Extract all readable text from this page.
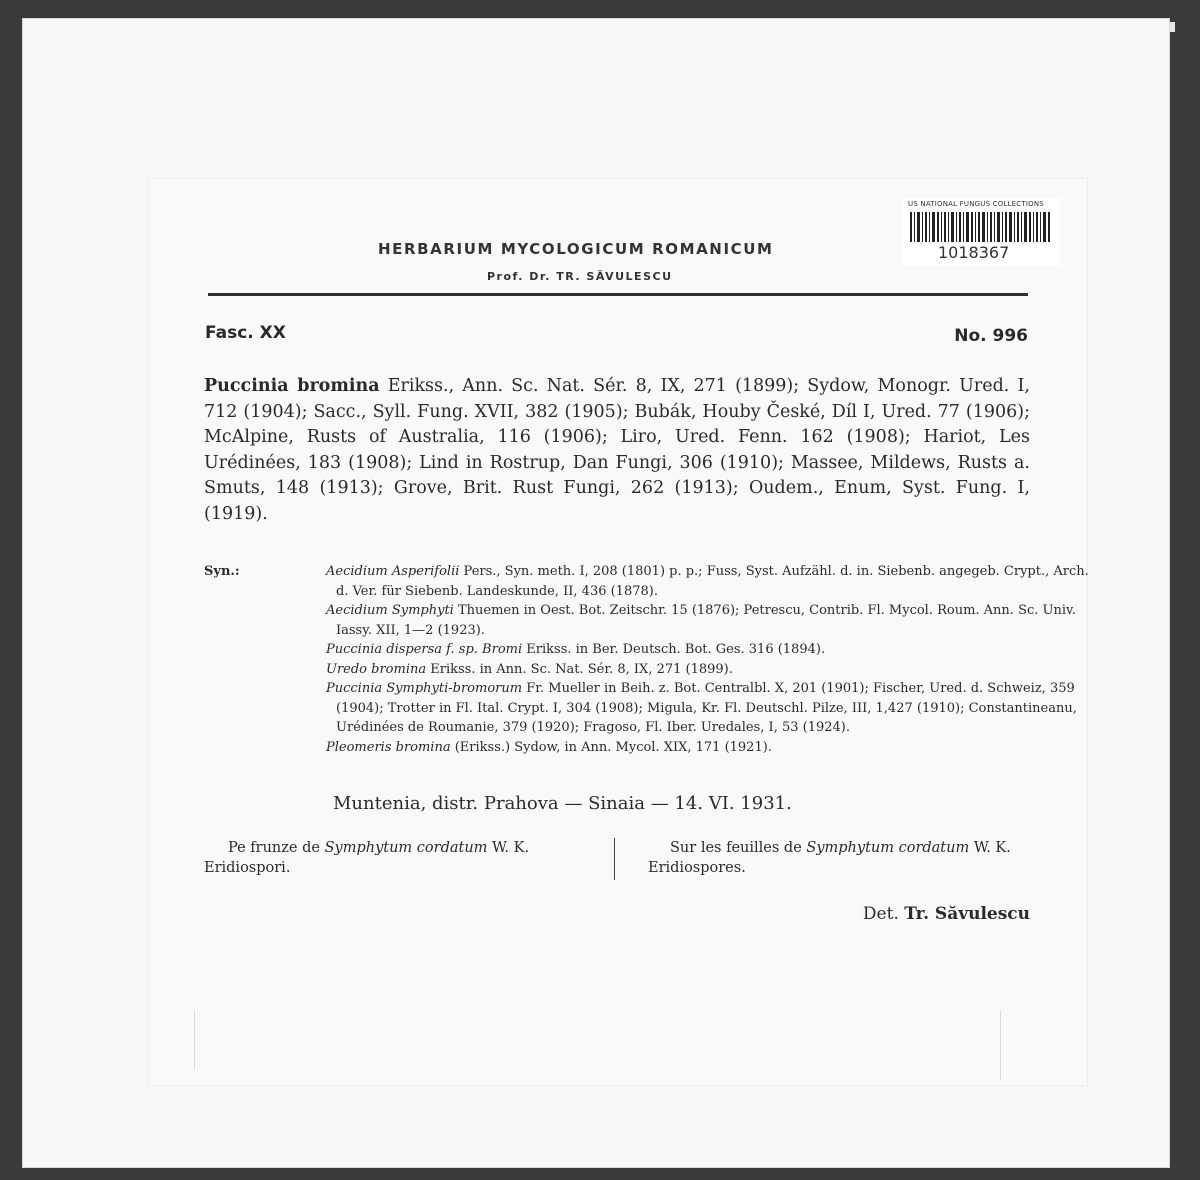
US NATIONAL FUNGUS COLLECTIONS
1018367
HERBARIUM MYCOLOGICUM ROMANICUM
Prof. Dr. TR. SĂVULESCU
Fasc. XX	No. 996
Puccinia bromina Erikss., Ann. Sc. Nat. Sér. 8, IX, 271 (1899); Sydow, Monogr. Ured. I, 712 (1904); Sacc., Syll. Fung. XVII, 382 (1905); Bubák, Houby České, Díl I, Ured. 77 (1906); McAlpine, Rusts of Australia, 116 (1906); Liro, Ured. Fenn. 162 (1908); Hariot, Les Urédinées, 183 (1908); Lind in Rostrup, Dan Fungi, 306 (1910); Massee, Mildews, Rusts a. Smuts, 148 (1913); Grove, Brit. Rust Fungi, 262 (1913); Oudem., Enum, Syst. Fung. I, (1919).
Syn.:	Aecidium Asperifolii Pers., Syn. meth. I, 208 (1801) p. p.; Fuss, Syst. Aufzähl. d. in. Siebenb. angegeb. Crypt., Arch. d. Ver. für Siebenb. Landeskunde, II, 436 (1878).
Aecidium Symphyti Thuemen in Oest. Bot. Zeitschr. 15 (1876); Petrescu, Contrib. Fl. Mycol. Roum. Ann. Sc. Univ. Iassy. XII, 1—2 (1923).
Puccinia dispersa f. sp. Bromi Erikss. in Ber. Deutsch. Bot. Ges. 316 (1894).
Uredo bromina Erikss. in Ann. Sc. Nat. Sér. 8, IX, 271 (1899).
Puccinia Symphyti-bromorum Fr. Mueller in Beih. z. Bot. Centralbl. X, 201 (1901); Fischer, Ured. d. Schweiz, 359 (1904); Trotter in Fl. Ital. Crypt. I, 304 (1908); Migula, Kr. Fl. Deutschl. Pilze, III, 1,427 (1910); Constantineanu, Urédinées de Roumanie, 379 (1920); Fragoso, Fl. Iber. Uredales, I, 53 (1924).
Pleomeris bromina (Erikss.) Sydow, in Ann. Mycol. XIX, 171 (1921).
Muntenia, distr. Prahova — Sinaia — 14. VI. 1931.
Pe frunze de Symphytum cordatum W. K. Eridiospori.
Sur les feuilles de Symphytum cordatum W. K. Eridiospores.
Det. Tr. Săvulescu
